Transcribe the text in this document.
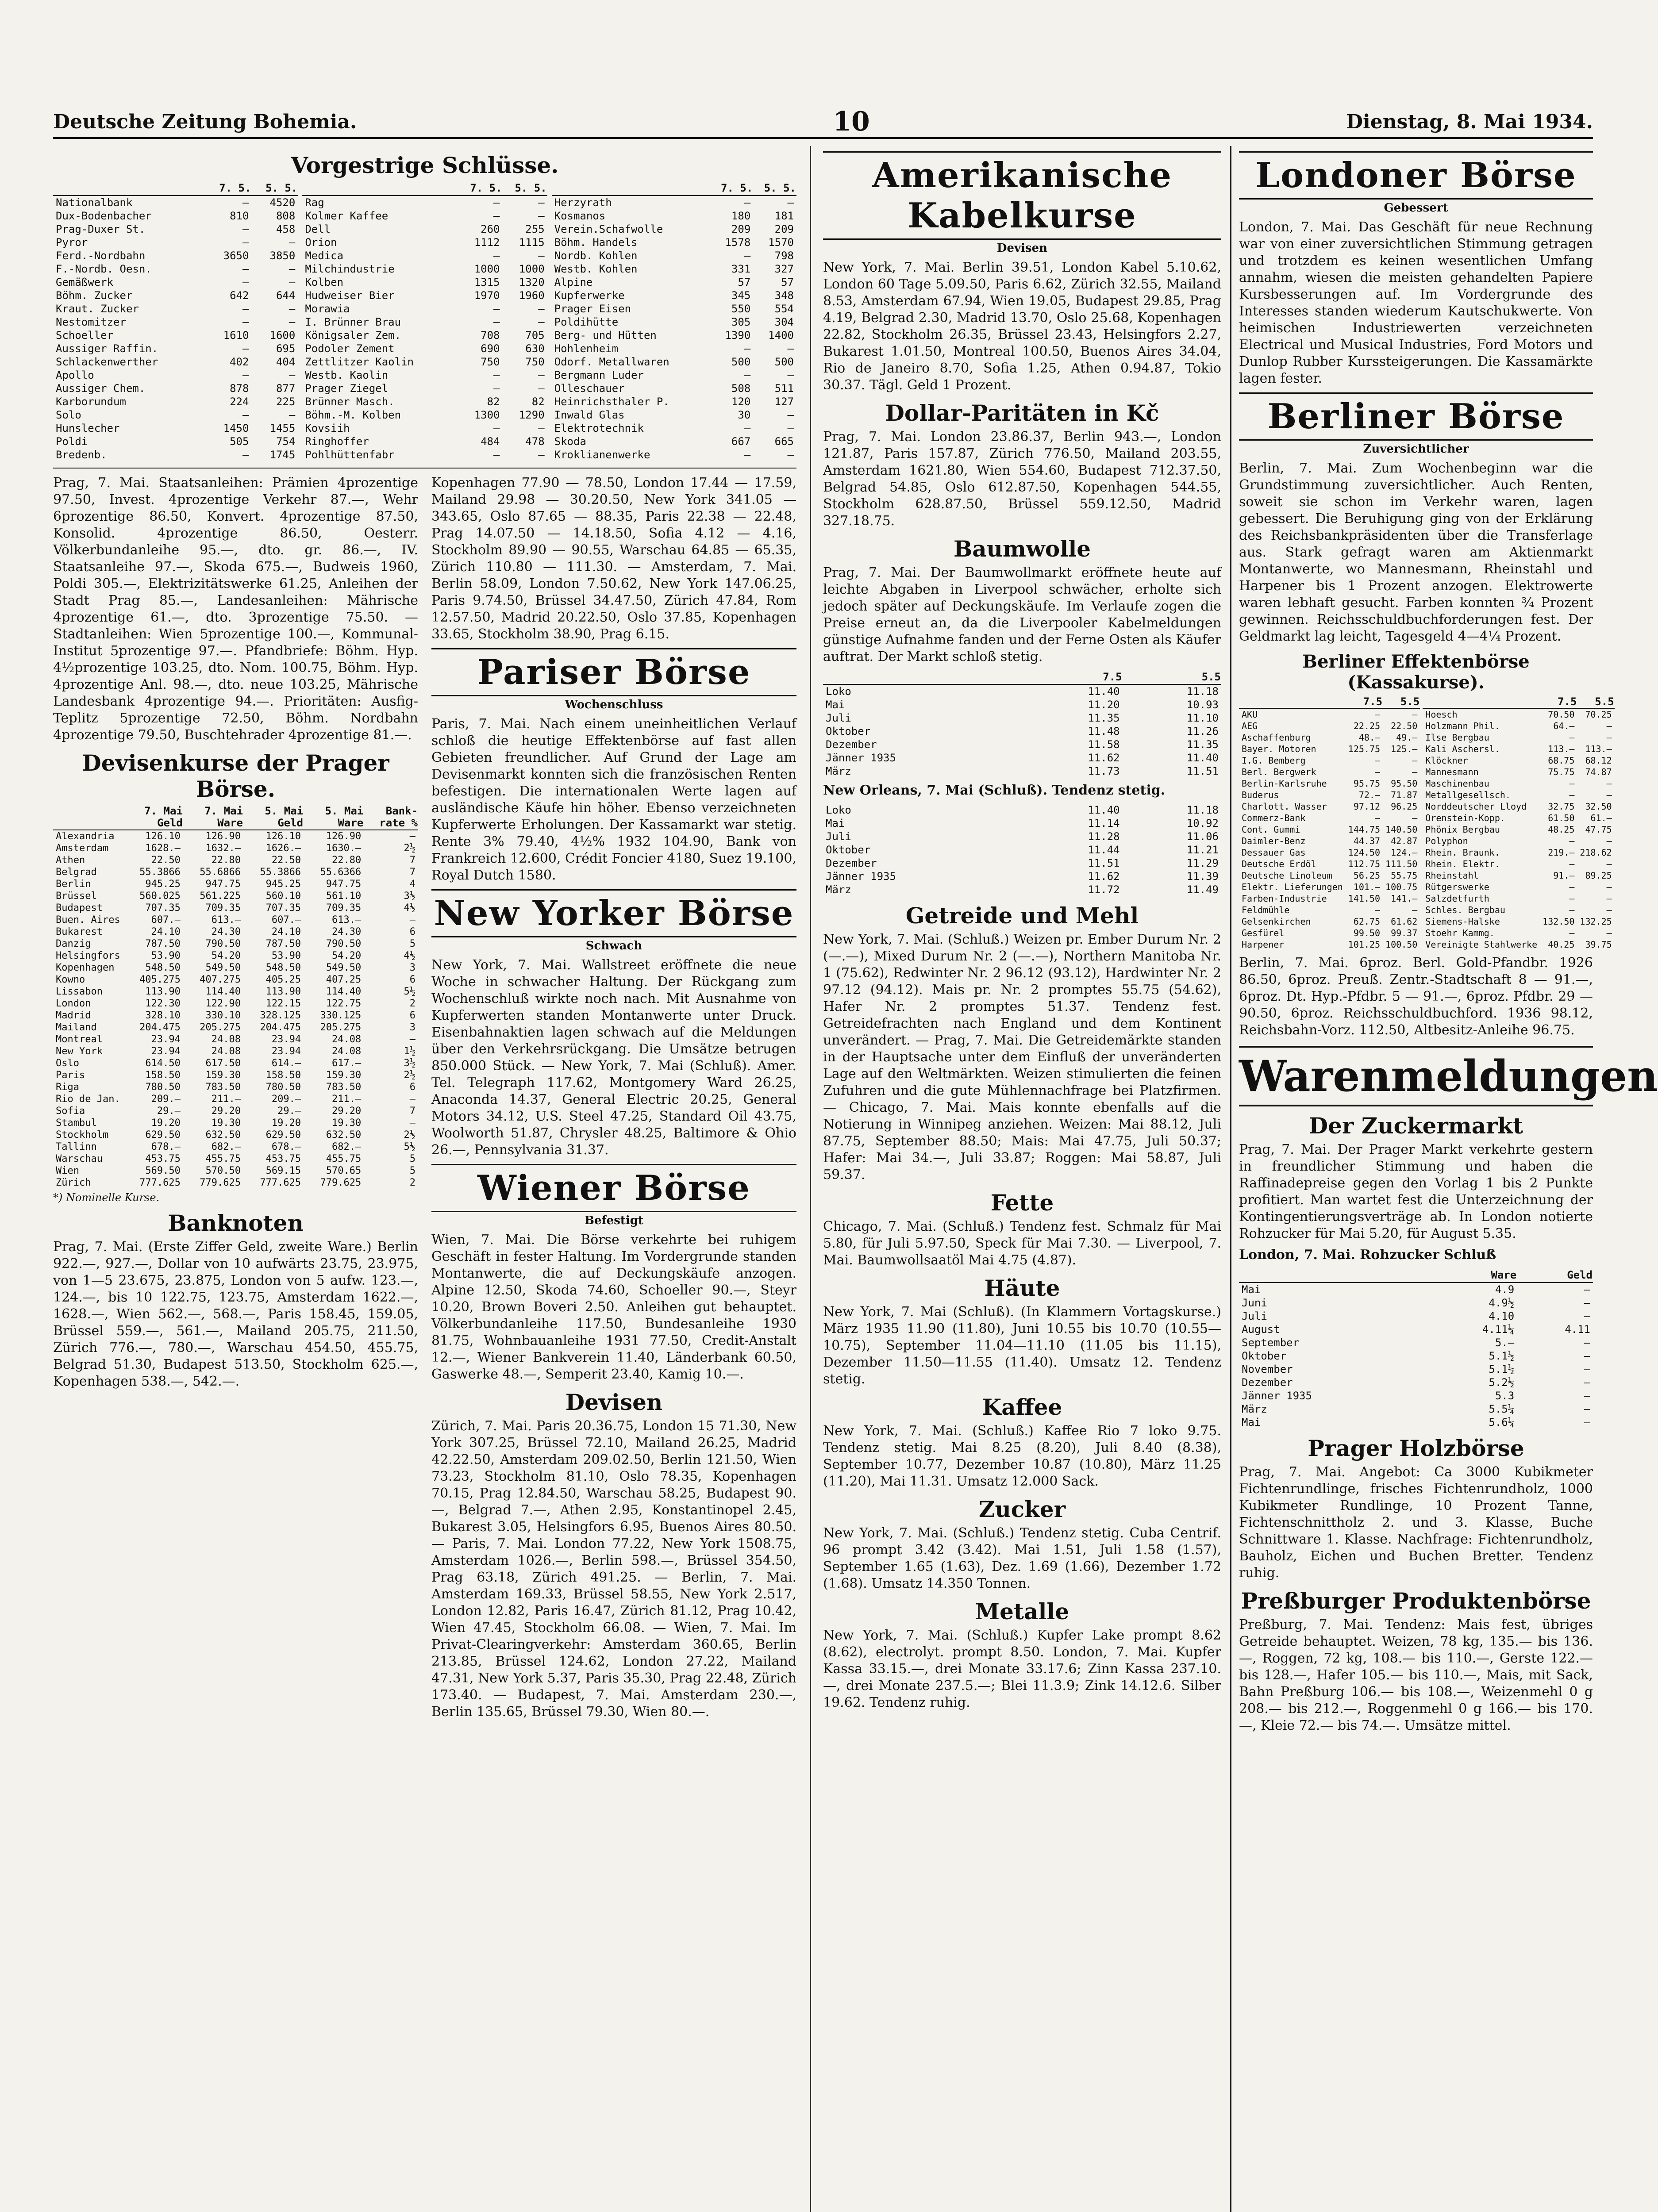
Deutsche Zeitung Bohemia.	10	Dienstag, 8. Mai 1934.
Vorgestrige Schlüsse.
	7. 5.	5. 5.
Nationalbank	—	4520
Dux-Bodenbacher	810	808
Prag-Duxer St.	—	458
Pyror	—	—
Ferd.-Nordbahn	3650	3850
F.-Nordb. Oesn.	—	—
Gemäßwerk	—	—
Böhm. Zucker	642	644
Kraut. Zucker	—	—
Nestomitzer	—	—
Schoeller	1610	1600
Aussiger Raffin.	—	695
Schlackenwerther	402	404
Apollo	—	—
Aussiger Chem.	878	877
Karborundum	224	225
Solo	—	—
Hunslecher	1450	1455
Poldi	505	754
Bredenb.	—	1745
	7. 5.	5. 5.
Rag	—	—
Kolmer Kaffee	—	—
Dell	260	255
Orion	1112	1115
Medica	—	—
Milchindustrie	1000	1000
Kolben	1315	1320
Hudweiser Bier	1970	1960
Morawia	—	—
I. Brünner Brau	—	—
Königsaler Zem.	708	705
Podoler Zement	690	630
Zettlitzer Kaolin	750	750
Westb. Kaolin	—	—
Prager Ziegel	—	—
Brünner Masch.	82	82
Böhm.-M. Kolben	1300	1290
Kovsiih	—	—
Ringhoffer	484	478
Pohlhüttenfabr	—	—
	7. 5.	5. 5.
Herzyrath	—	—
Kosmanos	180	181
Verein.Schafwolle	209	209
Böhm. Handels	1578	1570
Nordb. Kohlen	—	798
Westb. Kohlen	331	327
Alpine	57	57
Kupferwerke	345	348
Prager Eisen	550	554
Poldihütte	305	304
Berg- und Hütten	1390	1400
Hohlenheim	—	—
Odorf. Metallwaren	500	500
Bergmann Luder	—	—
Olleschauer	508	511
Heinrichsthaler P.	120	127
Inwald Glas	30	—
Elektrotechnik	—	—
Skoda	667	665
Kroklianenwerke	—	—

Prag, 7. Mai. Staatsanleihen: Prämien 4prozentige 97.50, Invest. 4prozentige Verkehr 87.—, Wehr 6prozentige 86.50, Konvert. 4prozentige 87.50, Konsolid. 4prozentige 86.50, Oesterr. Völkerbundanleihe 95.—, dto. gr. 86.—, IV. Staatsanleihe 97.—, Skoda 675.—, Budweis 1960, Poldi 305.—, Elektrizitätswerke 61.25, Anleihen der Stadt Prag 85.—, Landesanleihen: Mährische 4prozentige 61.—, dto. 3prozentige 75.50. — Stadtanleihen: Wien 5prozentige 100.—, Kommunal-Institut 5prozentige 97.—. Pfandbriefe: Böhm. Hyp. 4½prozentige 103.25, dto. Nom. 100.75, Böhm. Hyp. 4prozentige Anl. 98.—, dto. neue 103.25, Mährische Landesbank 4prozentige 94.—. Prioritäten: Ausfig-Teplitz 5prozentige 72.50, Böhm. Nordbahn 4prozentige 79.50, Buschtehrader 4prozentige 81.—.

Devisenkurse der Prager Börse.
	7. Mai Geld	7. Mai Ware	5. Mai Geld	5. Mai Ware	Bank-rate %
Alexandria	126.10	126.90	126.10	126.90	—
Amsterdam	1628.—	1632.—	1626.—	1630.—	2½
Athen	22.50	22.80	22.50	22.80	7
Belgrad	55.3866	55.6866	55.3866	55.6366	7
Berlin	945.25	947.75	945.25	947.75	4
Brüssel	560.025	561.225	560.10	561.10	3½
Budapest	707.35	709.35	707.35	709.35	4½
Buen. Aires	607.—	613.—	607.—	613.—	—
Bukarest	24.10	24.30	24.10	24.30	6
Danzig	787.50	790.50	787.50	790.50	5
Helsingfors	53.90	54.20	53.90	54.20	4½
Kopenhagen	548.50	549.50	548.50	549.50	3
Kowno	405.275	407.275	405.25	407.25	6
Lissabon	113.90	114.40	113.90	114.40	5½
London	122.30	122.90	122.15	122.75	2
Madrid	328.10	330.10	328.125	330.125	6
Mailand	204.475	205.275	204.475	205.275	3
Montreal	23.94	24.08	23.94	24.08	—
New York	23.94	24.08	23.94	24.08	1½
Oslo	614.50	617.50	614.—	617.—	3½
Paris	158.50	159.30	158.50	159.30	2½
Riga	780.50	783.50	780.50	783.50	6
Rio de Jan.	209.—	211.—	209.—	211.—	—
Sofia	29.—	29.20	29.—	29.20	7
Stambul	19.20	19.30	19.20	19.30	—
Stockholm	629.50	632.50	629.50	632.50	2½
Tallinn	678.—	682.—	678.—	682.—	5½
Warschau	453.75	455.75	453.75	455.75	5
Wien	569.50	570.50	569.15	570.65	5
Zürich	777.625	779.625	777.625	779.625	2

*) Nominelle Kurse.

Banknoten

Prag, 7. Mai. (Erste Ziffer Geld, zweite Ware.) Berlin 922.—, 927.—, Dollar von 10 aufwärts 23.75, 23.975, von 1—5 23.675, 23.875, London von 5 aufw. 123.—, 124.—, bis 10 122.75, 123.75, Amsterdam 1622.—, 1628.—, Wien 562.—, 568.—, Paris 158.45, 159.05, Brüssel 559.—, 561.—, Mailand 205.75, 211.50, Zürich 776.—, 780.—, Warschau 454.50, 455.75, Belgrad 51.30, Budapest 513.50, Stockholm 625.—, Kopenhagen 538.—, 542.—.

Kopenhagen 77.90 — 78.50, London 17.44 — 17.59, Mailand 29.98 — 30.20.50, New York 341.05 — 343.65, Oslo 87.65 — 88.35, Paris 22.38 — 22.48, Prag 14.07.50 — 14.18.50, Sofia 4.12 — 4.16, Stockholm 89.90 — 90.55, Warschau 64.85 — 65.35, Zürich 110.80 — 111.30. — Amsterdam, 7. Mai. Berlin 58.09, London 7.50.62, New York 147.06.25, Paris 9.74.50, Brüssel 34.47.50, Zürich 47.84, Rom 12.57.50, Madrid 20.22.50, Oslo 37.85, Kopenhagen 33.65, Stockholm 38.90, Prag 6.15.

Pariser Börse
Wochenschluss

Paris, 7. Mai. Nach einem uneinheitlichen Verlauf schloß die heutige Effektenbörse auf fast allen Gebieten freundlicher. Auf Grund der Lage am Devisenmarkt konnten sich die französischen Renten befestigen. Die internationalen Werte lagen auf ausländische Käufe hin höher. Ebenso verzeichneten Kupferwerte Erholungen. Der Kassamarkt war stetig. Rente 3% 79.40, 4½% 1932 104.90, Bank von Frankreich 12.600, Crédit Foncier 4180, Suez 19.100, Royal Dutch 1580.

New Yorker Börse
Schwach

New York, 7. Mai. Wallstreet eröffnete die neue Woche in schwacher Haltung. Der Rückgang zum Wochenschluß wirkte noch nach. Mit Ausnahme von Kupferwerten standen Montanwerte unter Druck. Eisenbahnaktien lagen schwach auf die Meldungen über den Verkehrsrückgang. Die Umsätze betrugen 850.000 Stück. — New York, 7. Mai (Schluß). Amer. Tel. Telegraph 117.62, Montgomery Ward 26.25, Anaconda 14.37, General Electric 20.25, General Motors 34.12, U.S. Steel 47.25, Standard Oil 43.75, Woolworth 51.87, Chrysler 48.25, Baltimore & Ohio 26.—, Pennsylvania 31.37.

Wiener Börse
Befestigt

Wien, 7. Mai. Die Börse verkehrte bei ruhigem Geschäft in fester Haltung. Im Vordergrunde standen Montanwerte, die auf Deckungskäufe anzogen. Alpine 12.50, Skoda 74.60, Schoeller 90.—, Steyr 10.20, Brown Boveri 2.50. Anleihen gut behauptet. Völkerbundanleihe 117.50, Bundesanleihe 1930 81.75, Wohnbauanleihe 1931 77.50, Credit-Anstalt 12.—, Wiener Bankverein 11.40, Länderbank 60.50, Gaswerke 48.—, Semperit 23.40, Kamig 10.—.

Devisen

Zürich, 7. Mai. Paris 20.36.75, London 15 71.30, New York 307.25, Brüssel 72.10, Mailand 26.25, Madrid 42.22.50, Amsterdam 209.02.50, Berlin 121.50, Wien 73.23, Stockholm 81.10, Oslo 78.35, Kopenhagen 70.15, Prag 12.84.50, Warschau 58.25, Budapest 90.—, Belgrad 7.—, Athen 2.95, Konstantinopel 2.45, Bukarest 3.05, Helsingfors 6.95, Buenos Aires 80.50. — Paris, 7. Mai. London 77.22, New York 1508.75, Amsterdam 1026.—, Berlin 598.—, Brüssel 354.50, Prag 63.18, Zürich 491.25. — Berlin, 7. Mai. Amsterdam 169.33, Brüssel 58.55, New York 2.517, London 12.82, Paris 16.47, Zürich 81.12, Prag 10.42, Wien 47.45, Stockholm 66.08. — Wien, 7. Mai. Im Privat-Clearingverkehr: Amsterdam 360.65, Berlin 213.85, Brüssel 124.62, London 27.22, Mailand 47.31, New York 5.37, Paris 35.30, Prag 22.48, Zürich 173.40. — Budapest, 7. Mai. Amsterdam 230.—, Berlin 135.65, Brüssel 79.30, Wien 80.—.

Amerikanische Kabelkurse
Devisen

New York, 7. Mai. Berlin 39.51, London Kabel 5.10.62, London 60 Tage 5.09.50, Paris 6.62, Zürich 32.55, Mailand 8.53, Amsterdam 67.94, Wien 19.05, Budapest 29.85, Prag 4.19, Belgrad 2.30, Madrid 13.70, Oslo 25.68, Kopenhagen 22.82, Stockholm 26.35, Brüssel 23.43, Helsingfors 2.27, Bukarest 1.01.50, Montreal 100.50, Buenos Aires 34.04, Rio de Janeiro 8.70, Sofia 1.25, Athen 0.94.87, Tokio 30.37. Tägl. Geld 1 Prozent.

Dollar-Paritäten in Kč

Prag, 7. Mai. London 23.86.37, Berlin 943.—, London 121.87, Paris 157.87, Zürich 776.50, Mailand 203.55, Amsterdam 1621.80, Wien 554.60, Budapest 712.37.50, Belgrad 54.85, Oslo 612.87.50, Kopenhagen 544.55, Stockholm 628.87.50, Brüssel 559.12.50, Madrid 327.18.75.

Baumwolle

Prag, 7. Mai. Der Baumwollmarkt eröffnete heute auf leichte Abgaben in Liverpool schwächer, erholte sich jedoch später auf Deckungskäufe. Im Verlaufe zogen die Preise erneut an, da die Liverpooler Kabelmeldungen günstige Aufnahme fanden und der Ferne Osten als Käufer auftrat. Der Markt schloß stetig.

	7.5	5.5
Loko	11.40	11.18
Mai	11.20	10.93
Juli	11.35	11.10
Oktober	11.48	11.26
Dezember	11.58	11.35
Jänner 1935	11.62	11.40
März	11.73	11.51

New Orleans, 7. Mai (Schluß). Tendenz stetig.

Loko	11.40	11.18
Mai	11.14	10.92
Juli	11.28	11.06
Oktober	11.44	11.21
Dezember	11.51	11.29
Jänner 1935	11.62	11.39
März	11.72	11.49
Getreide und Mehl

New York, 7. Mai. (Schluß.) Weizen pr. Ember Durum Nr. 2 (—.—), Mixed Durum Nr. 2 (—.—), Northern Manitoba Nr. 1 (75.62), Redwinter Nr. 2 96.12 (93.12), Hardwinter Nr. 2 97.12 (94.12). Mais pr. Nr. 2 promptes 55.75 (54.62), Hafer Nr. 2 promptes 51.37. Tendenz fest. Getreidefrachten nach England und dem Kontinent unverändert. — Prag, 7. Mai. Die Getreidemärkte standen in der Hauptsache unter dem Einfluß der unveränderten Lage auf den Weltmärkten. Weizen stimulierten die feinen Zufuhren und die gute Mühlennachfrage bei Platzfirmen. — Chicago, 7. Mai. Mais konnte ebenfalls auf die Notierung in Winnipeg anziehen. Weizen: Mai 88.12, Juli 87.75, September 88.50; Mais: Mai 47.75, Juli 50.37; Hafer: Mai 34.—, Juli 33.87; Roggen: Mai 58.87, Juli 59.37.

Fette

Chicago, 7. Mai. (Schluß.) Tendenz fest. Schmalz für Mai 5.80, für Juli 5.97.50, Speck für Mai 7.30. — Liverpool, 7. Mai. Baumwollsaatöl Mai 4.75 (4.87).

Häute

New York, 7. Mai (Schluß). (In Klammern Vortagskurse.) März 1935 11.90 (11.80), Juni 10.55 bis 10.70 (10.55—10.75), September 11.04—11.10 (11.05 bis 11.15), Dezember 11.50—11.55 (11.40). Umsatz 12. Tendenz stetig.

Kaffee

New York, 7. Mai. (Schluß.) Kaffee Rio 7 loko 9.75. Tendenz stetig. Mai 8.25 (8.20), Juli 8.40 (8.38), September 10.77, Dezember 10.87 (10.80), März 11.25 (11.20), Mai 11.31. Umsatz 12.000 Sack.

Zucker

New York, 7. Mai. (Schluß.) Tendenz stetig. Cuba Centrif. 96 prompt 3.42 (3.42). Mai 1.51, Juli 1.58 (1.57), September 1.65 (1.63), Dez. 1.69 (1.66), Dezember 1.72 (1.68). Umsatz 14.350 Tonnen.

Metalle

New York, 7. Mai. (Schluß.) Kupfer Lake prompt 8.62 (8.62), electrolyt. prompt 8.50. London, 7. Mai. Kupfer Kassa 33.15.—, drei Monate 33.17.6; Zinn Kassa 237.10.—, drei Monate 237.5.—; Blei 11.3.9; Zink 14.12.6. Silber 19.62. Tendenz ruhig.

Londoner Börse
Gebessert

London, 7. Mai. Das Geschäft für neue Rechnung war von einer zuversichtlichen Stimmung getragen und trotzdem es keinen wesentlichen Umfang annahm, wiesen die meisten gehandelten Papiere Kursbesserungen auf. Im Vordergrunde des Interesses standen wiederum Kautschukwerte. Von heimischen Industriewerten verzeichneten Electrical und Musical Industries, Ford Motors und Dunlop Rubber Kurssteigerungen. Die Kassamärkte lagen fester.

Berliner Börse
Zuversichtlicher

Berlin, 7. Mai. Zum Wochenbeginn war die Grundstimmung zuversichtlicher. Auch Renten, soweit sie schon im Verkehr waren, lagen gebessert. Die Beruhigung ging von der Erklärung des Reichsbankpräsidenten über die Transferlage aus. Stark gefragt waren am Aktienmarkt Montanwerte, wo Mannesmann, Rheinstahl und Harpener bis 1 Prozent anzogen. Elektrowerte waren lebhaft gesucht. Farben konnten ¾ Prozent gewinnen. Reichsschuldbuchforderungen fest. Der Geldmarkt lag leicht, Tagesgeld 4—4¼ Prozent.

Berliner Effektenbörse (Kassakurse).
	7.5	5.5
AKU	—	—
AEG	22.25	22.50
Aschaffenburg	48.—	49.—
Bayer. Motoren	125.75	125.—
I.G. Bemberg	—	—
Berl. Bergwerk	—	—
Berlin-Karlsruhe	95.75	95.50
Buderus	72.—	71.87
Charlott. Wasser	97.12	96.25
Commerz-Bank	—	—
Cont. Gummi	144.75	140.50
Daimler-Benz	44.37	42.87
Dessauer Gas	124.50	124.—
Deutsche Erdöl	112.75	111.50
Deutsche Linoleum	56.25	55.75
Elektr. Lieferungen	101.—	100.75
Farben-Industrie	141.50	141.—
Feldmühle	—	—
Gelsenkirchen	62.75	61.62
Gesfürel	99.50	99.37
Harpener	101.25	100.50
	7.5	5.5
Hoesch	70.50	70.25
Holzmann Phil.	64.—	—
Ilse Bergbau	—	—
Kali Aschersl.	113.—	113.—
Klöckner	68.75	68.12
Mannesmann	75.75	74.87
Maschinenbau	—	—
Metallgesellsch.	—	—
Norddeutscher Lloyd	32.75	32.50
Orenstein-Kopp.	61.50	61.—
Phönix Bergbau	48.25	47.75
Polyphon	—	—
Rhein. Braunk.	219.—	218.62
Rhein. Elektr.	—	—
Rheinstahl	91.—	89.25
Rütgerswerke	—	—
Salzdetfurth	—	—
Schles. Bergbau	—	—
Siemens-Halske	132.50	132.25
Stoehr Kammg.	—	—
Vereinigte Stahlwerke	40.25	39.75

Berlin, 7. Mai. 6proz. Berl. Gold-Pfandbr. 1926 86.50, 6proz. Preuß. Zentr.-Stadtschaft 8 — 91.—, 6proz. Dt. Hyp.-Pfdbr. 5 — 91.—, 6proz. Pfdbr. 29 — 90.50, 6proz. Reichsschuldbuchford. 1936 98.12, Reichsbahn-Vorz. 112.50, Altbesitz-Anleihe 96.75.

Warenmeldungen
Der Zuckermarkt

Prag, 7. Mai. Der Prager Markt verkehrte gestern in freundlicher Stimmung und haben die Raffinadepreise gegen den Vorlag 1 bis 2 Punkte profitiert. Man wartet fest die Unterzeichnung der Kontingentierungsverträge ab. In London notierte Rohzucker für Mai 5.20, für August 5.35.

London, 7. Mai. Rohzucker Schluß

	Ware	Geld
Mai	4.9	—
Juni	4.9½	—
Juli	4.10	—
August	4.11¼	4.11
September	5.—	—
Oktober	5.1½	—
November	5.1½	—
Dezember	5.2½	—
Jänner 1935	5.3	—
März	5.5¼	—
Mai	5.6¼	—
Prager Holzbörse

Prag, 7. Mai. Angebot: Ca 3000 Kubikmeter Fichtenrundlinge, frisches Fichtenrundholz, 1000 Kubikmeter Rundlinge, 10 Prozent Tanne, Fichtenschnittholz 2. und 3. Klasse, Buche Schnittware 1. Klasse. Nachfrage: Fichtenrundholz, Bauholz, Eichen und Buchen Bretter. Tendenz ruhig.

Preßburger Produktenbörse

Preßburg, 7. Mai. Tendenz: Mais fest, übriges Getreide behauptet. Weizen, 78 kg, 135.— bis 136.—, Roggen, 72 kg, 108.— bis 110.—, Gerste 122.— bis 128.—, Hafer 105.— bis 110.—, Mais, mit Sack, Bahn Preßburg 106.— bis 108.—, Weizenmehl 0 g 208.— bis 212.—, Roggenmehl 0 g 166.— bis 170.—, Kleie 72.— bis 74.—. Umsätze mittel.
